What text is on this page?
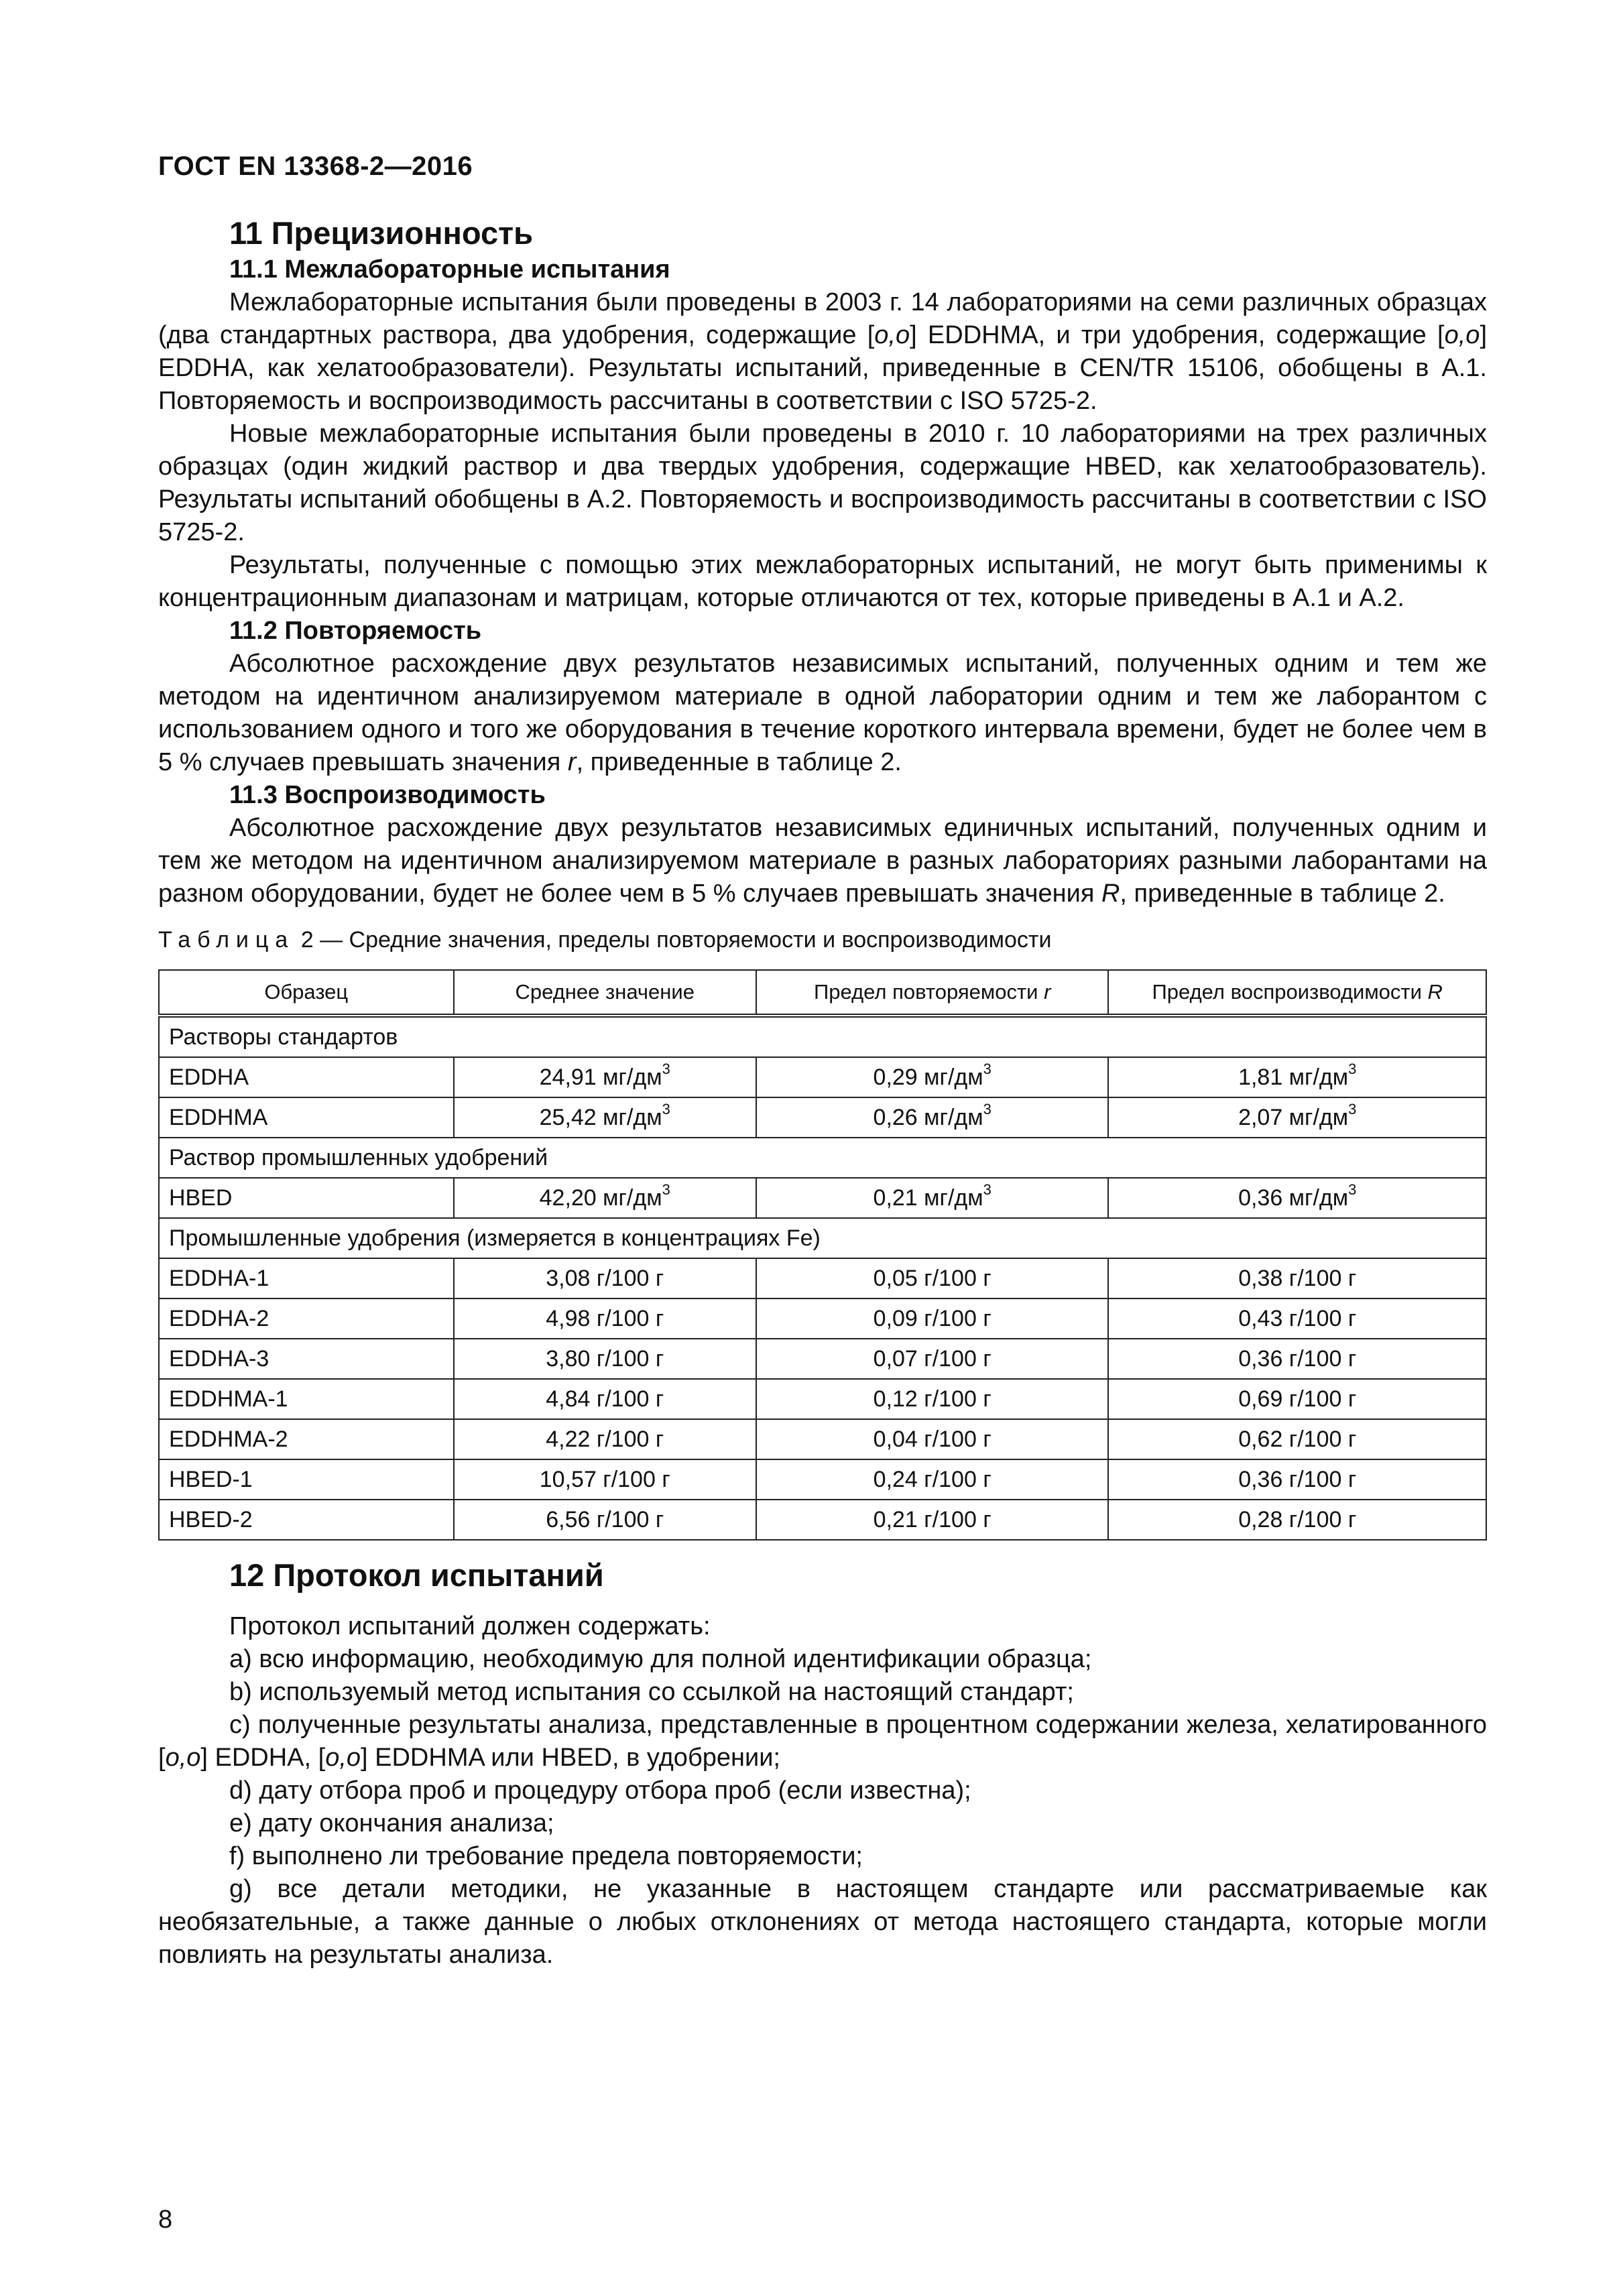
ГОСТ EN 13368-2—2016
11 Прецизионность
11.1 Межлабораторные испытания

Межлабораторные испытания были проведены в 2003 г. 14 лабораториями на семи различных образцах (два стандартных раствора, два удобрения, содержащие [o,o] EDDHMA, и три удобрения, содержащие [o,o] EDDHA, как хелатообразователи). Результаты испытаний, приведенные в CEN/TR 15106, обобщены в А.1. Повторяемость и воспроизводимость рассчитаны в соответствии с ISO 5725-2.

Новые межлабораторные испытания были проведены в 2010 г. 10 лабораториями на трех различных образцах (один жидкий раствор и два твердых удобрения, содержащие HBED, как хелатообразователь). Результаты испытаний обобщены в А.2. Повторяемость и воспроизводимость рассчитаны в соответствии с ISO 5725-2.

Результаты, полученные с помощью этих межлабораторных испытаний, не могут быть применимы к концентрационным диапазонам и матрицам, которые отличаются от тех, которые приведены в А.1 и А.2.

11.2 Повторяемость

Абсолютное расхождение двух результатов независимых испытаний, полученных одним и тем же методом на идентичном анализируемом материале в одной лаборатории одним и тем же лаборантом с использованием одного и того же оборудования в течение короткого интервала времени, будет не более чем в 5 % случаев превышать значения r, приведенные в таблице 2.

11.3 Воспроизводимость

Абсолютное расхождение двух результатов независимых единичных испытаний, полученных одним и тем же методом на идентичном анализируемом материале в разных лабораториях разными лаборантами на разном оборудовании, будет не более чем в 5 % случаев превышать значения R, приведенные в таблице 2.

Таблица 2 — Средние значения, пределы повторяемости и воспроизводимости
Образец	Среднее значение	Предел повторяемости r	Предел воспроизводимости R
Растворы стандартов			
EDDHA	24,91 $мг/дм^3$	0,29 $мг/дм^3$	1,81 $мг/дм^3$
EDDHMA	25,42 $мг/дм^3$	0,26 $мг/дм^3$	2,07 $мг/дм^3$
Раствор промышленных удобрений			
HBED	42,20 $мг/дм^3$	0,21 $мг/дм^3$	0,36 $мг/дм^3$
Промышленные удобрения (измеряется в концентрациях Fe)			
EDDHA-1	3,08 г/100 г	0,05 г/100 г	0,38 г/100 г
EDDHA-2	4,98 г/100 г	0,09 г/100 г	0,43 г/100 г
EDDHA-3	3,80 г/100 г	0,07 г/100 г	0,36 г/100 г
EDDHMA-1	4,84 г/100 г	0,12 г/100 г	0,69 г/100 г
EDDHMA-2	4,22 г/100 г	0,04 г/100 г	0,62 г/100 г
HBED-1	10,57 г/100 г	0,24 г/100 г	0,36 г/100 г
HBED-2	6,56 г/100 г	0,21 г/100 г	0,28 г/100 г
12 Протокол испытаний

Протокол испытаний должен содержать:

a) всю информацию, необходимую для полной идентификации образца;

b) используемый метод испытания со ссылкой на настоящий стандарт;

c) полученные результаты анализа, представленные в процентном содержании железа, хелатированного [o,o] EDDHA, [o,o] EDDHMA или HBED, в удобрении;

d) дату отбора проб и процедуру отбора проб (если известна);

e) дату окончания анализа;

f) выполнено ли требование предела повторяемости;

g) все детали методики, не указанные в настоящем стандарте или рассматриваемые как необязательные, а также данные о любых отклонениях от метода настоящего стандарта, которые могли повлиять на результаты анализа.

8
